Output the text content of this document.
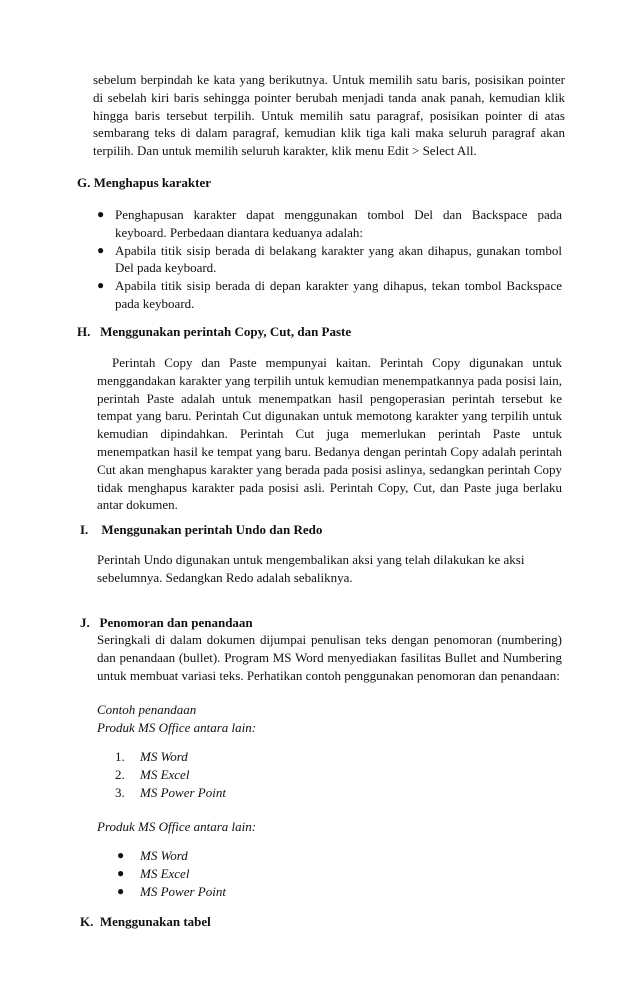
sebelum berpindah ke kata yang berikutnya. Untuk memilih satu baris, posisikan pointer di sebelah kiri baris sehingga pointer berubah menjadi tanda anak panah, kemudian klik hingga baris tersebut terpilih. Untuk memilih satu paragraf, posisikan pointer di atas sembarang teks di dalam paragraf, kemudian klik tiga kali maka seluruh paragraf akan terpilih. Dan untuk memilih seluruh karakter, klik menu Edit > Select All.
G. Menghapus karakter
● Penghapusan karakter dapat menggunakan tombol Del dan Backspace pada keyboard. Perbedaan diantara keduanya adalah:
● Apabila titik sisip berada di belakang karakter yang akan dihapus, gunakan tombol Del pada keyboard.
● Apabila titik sisip berada di depan karakter yang dihapus, tekan tombol Backspace pada keyboard.
H. Menggunakan perintah Copy, Cut, dan Paste
Perintah Copy dan Paste mempunyai kaitan. Perintah Copy digunakan untuk menggandakan karakter yang terpilih untuk kemudian menempatkannya pada posisi lain, perintah Paste adalah untuk menempatkan hasil pengoperasian perintah tersebut ke tempat yang baru. Perintah Cut digunakan untuk memotong karakter yang terpilih untuk kemudian dipindahkan. Perintah Cut juga memerlukan perintah Paste untuk menempatkan hasil ke tempat yang baru. Bedanya dengan perintah Copy adalah perintah Cut akan menghapus karakter yang berada pada posisi aslinya, sedangkan perintah Copy tidak menghapus karakter pada posisi asli. Perintah Copy, Cut, dan Paste juga berlaku antar dokumen.
I. Menggunakan perintah Undo dan Redo
Perintah Undo digunakan untuk mengembalikan aksi yang telah dilakukan ke aksi sebelumnya. Sedangkan Redo adalah sebaliknya.
J. Penomoran dan penandaan
Seringkali di dalam dokumen dijumpai penulisan teks dengan penomoran (numbering) dan penandaan (bullet). Program MS Word menyediakan fasilitas Bullet and Numbering untuk membuat variasi teks. Perhatikan contoh penggunakan penomoran dan penandaan:
Contoh penandaan
Produk MS Office antara lain:
1. MS Word
2. MS Excel
3. MS Power Point
Produk MS Office antara lain:
● MS Word
● MS Excel
● MS Power Point
K. Menggunakan tabel
